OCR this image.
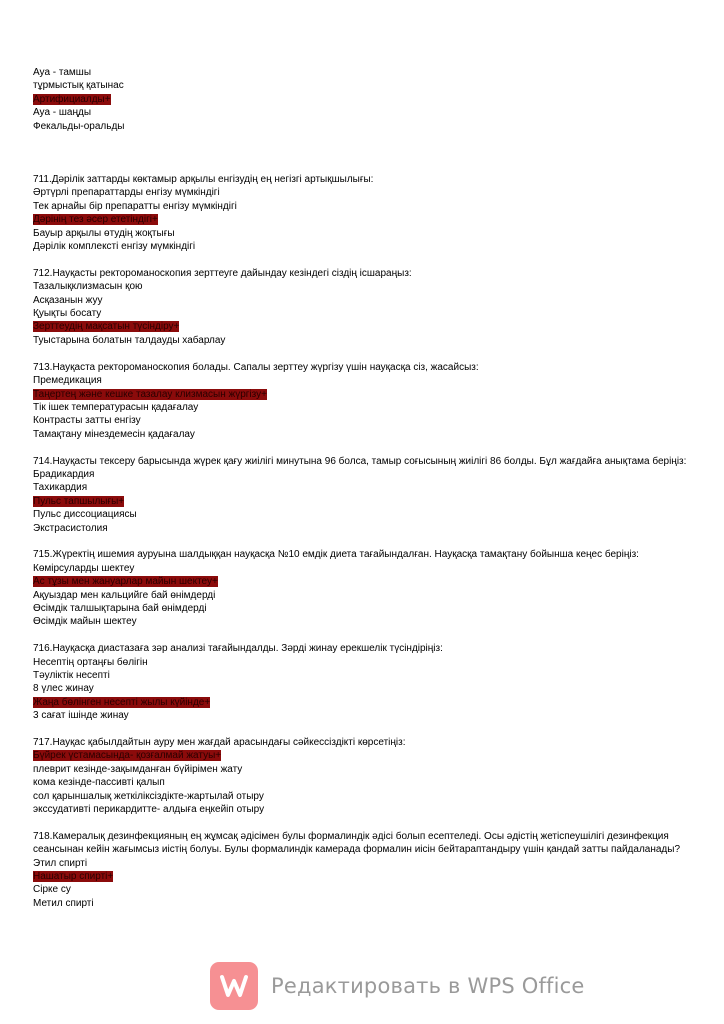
Ауа - тамшы
тұрмыстық қатынас
Артифициалды+
Ауа - шаңды
Фекальды-оральды
711.Дәрілік заттарды көктамыр арқылы енгізудің ең негізгі артықшылығы:
Әртүрлі препараттарды енгізу мүмкіндігі
Тек арнайы бір препаратты енгізу мүмкіндігі
Дәрінің тез әсер ететіндігі+
Бауыр арқылы өтудің жоқтығы
Дәрілік комплексті енгізу мүмкіндігі
712.Науқасты ректороманоскопия зерттеуге дайындау кезіндегі сіздің ісшараңыз:
Тазалықклизмасын қою
Асқазанын жуу
Қуықты босату
Зерттеудің мақсатын түсіндіру+
Туыстарына болатын талдауды хабарлау
713.Науқаста ректороманоскопия болады. Сапалы зерттеу жүргізу үшін науқасқа сіз, жасайсыз:
Премедикация
Таңертең және кешке тазалау клизмасын жүргізу+
Тік ішек температурасын қадағалау
Контрасты затты енгізу
Тамақтану мінездемесін қадағалау
714.Науқасты тексеру барысында жүрек қағу жиілігі минутына 96 болса, тамыр соғысының жиілігі 86 болды. Бұл жағдайға анықтама беріңіз:
Брадикардия
Тахикардия
Пульс тапшылығы+
Пульс диссоциациясы
Экстрасистолия
715.Жүректің ишемия ауруына шалдыққан науқасқа №10 емдік диета тағайындалған. Науқасқа тамақтану бойынша кеңес беріңіз:
Көмірсуларды шектеу
Ас тұзы мен жануарлар майын шектеу+
Ақуыздар мен кальцийге бай өнімдерді
Өсімдік талшықтарына бай өнімдерді
Өсімдік майын шектеу
716.Науқасқа диастазаға зәр анализі тағайындалды. Зәрді жинау ерекшелік түсіндіріңіз:
Несептің ортаңғы бөлігін
Тәуліктік несепті
8 үлес жинау
Жаңа бөлінген несепті жылы күйінде+
3 сағат ішінде жинау
717.Науқас қабылдайтын ауру мен жағдай арасындағы сәйкессіздікті көрсетіңіз:
Бүйрек үстамасында- қозғалмай жатуы+
плеврит кезінде-зақымданған бүйірімен жату
кома кезінде-пассивті қалып
сол қарыншалық жеткіліксіздікте-жартылай отыру
экссудативті перикардитте- алдыға еңкейіп отыру
718.Камералық дезинфекцияның ең жұмсақ әдісімен булы формалиндік әдісі болып есептеледі. Осы әдістің жетіспеушілігі дезинфекция сеансынан кейін жағымсыз иістің болуы. Булы формалиндік камерада формалин иісін бейтараптандыру үшін қандай затты пайдаланады?
Этил спирті
Нашатыр спирті+
Сірке су
Метил спирті
Редактировать в WPS Office
